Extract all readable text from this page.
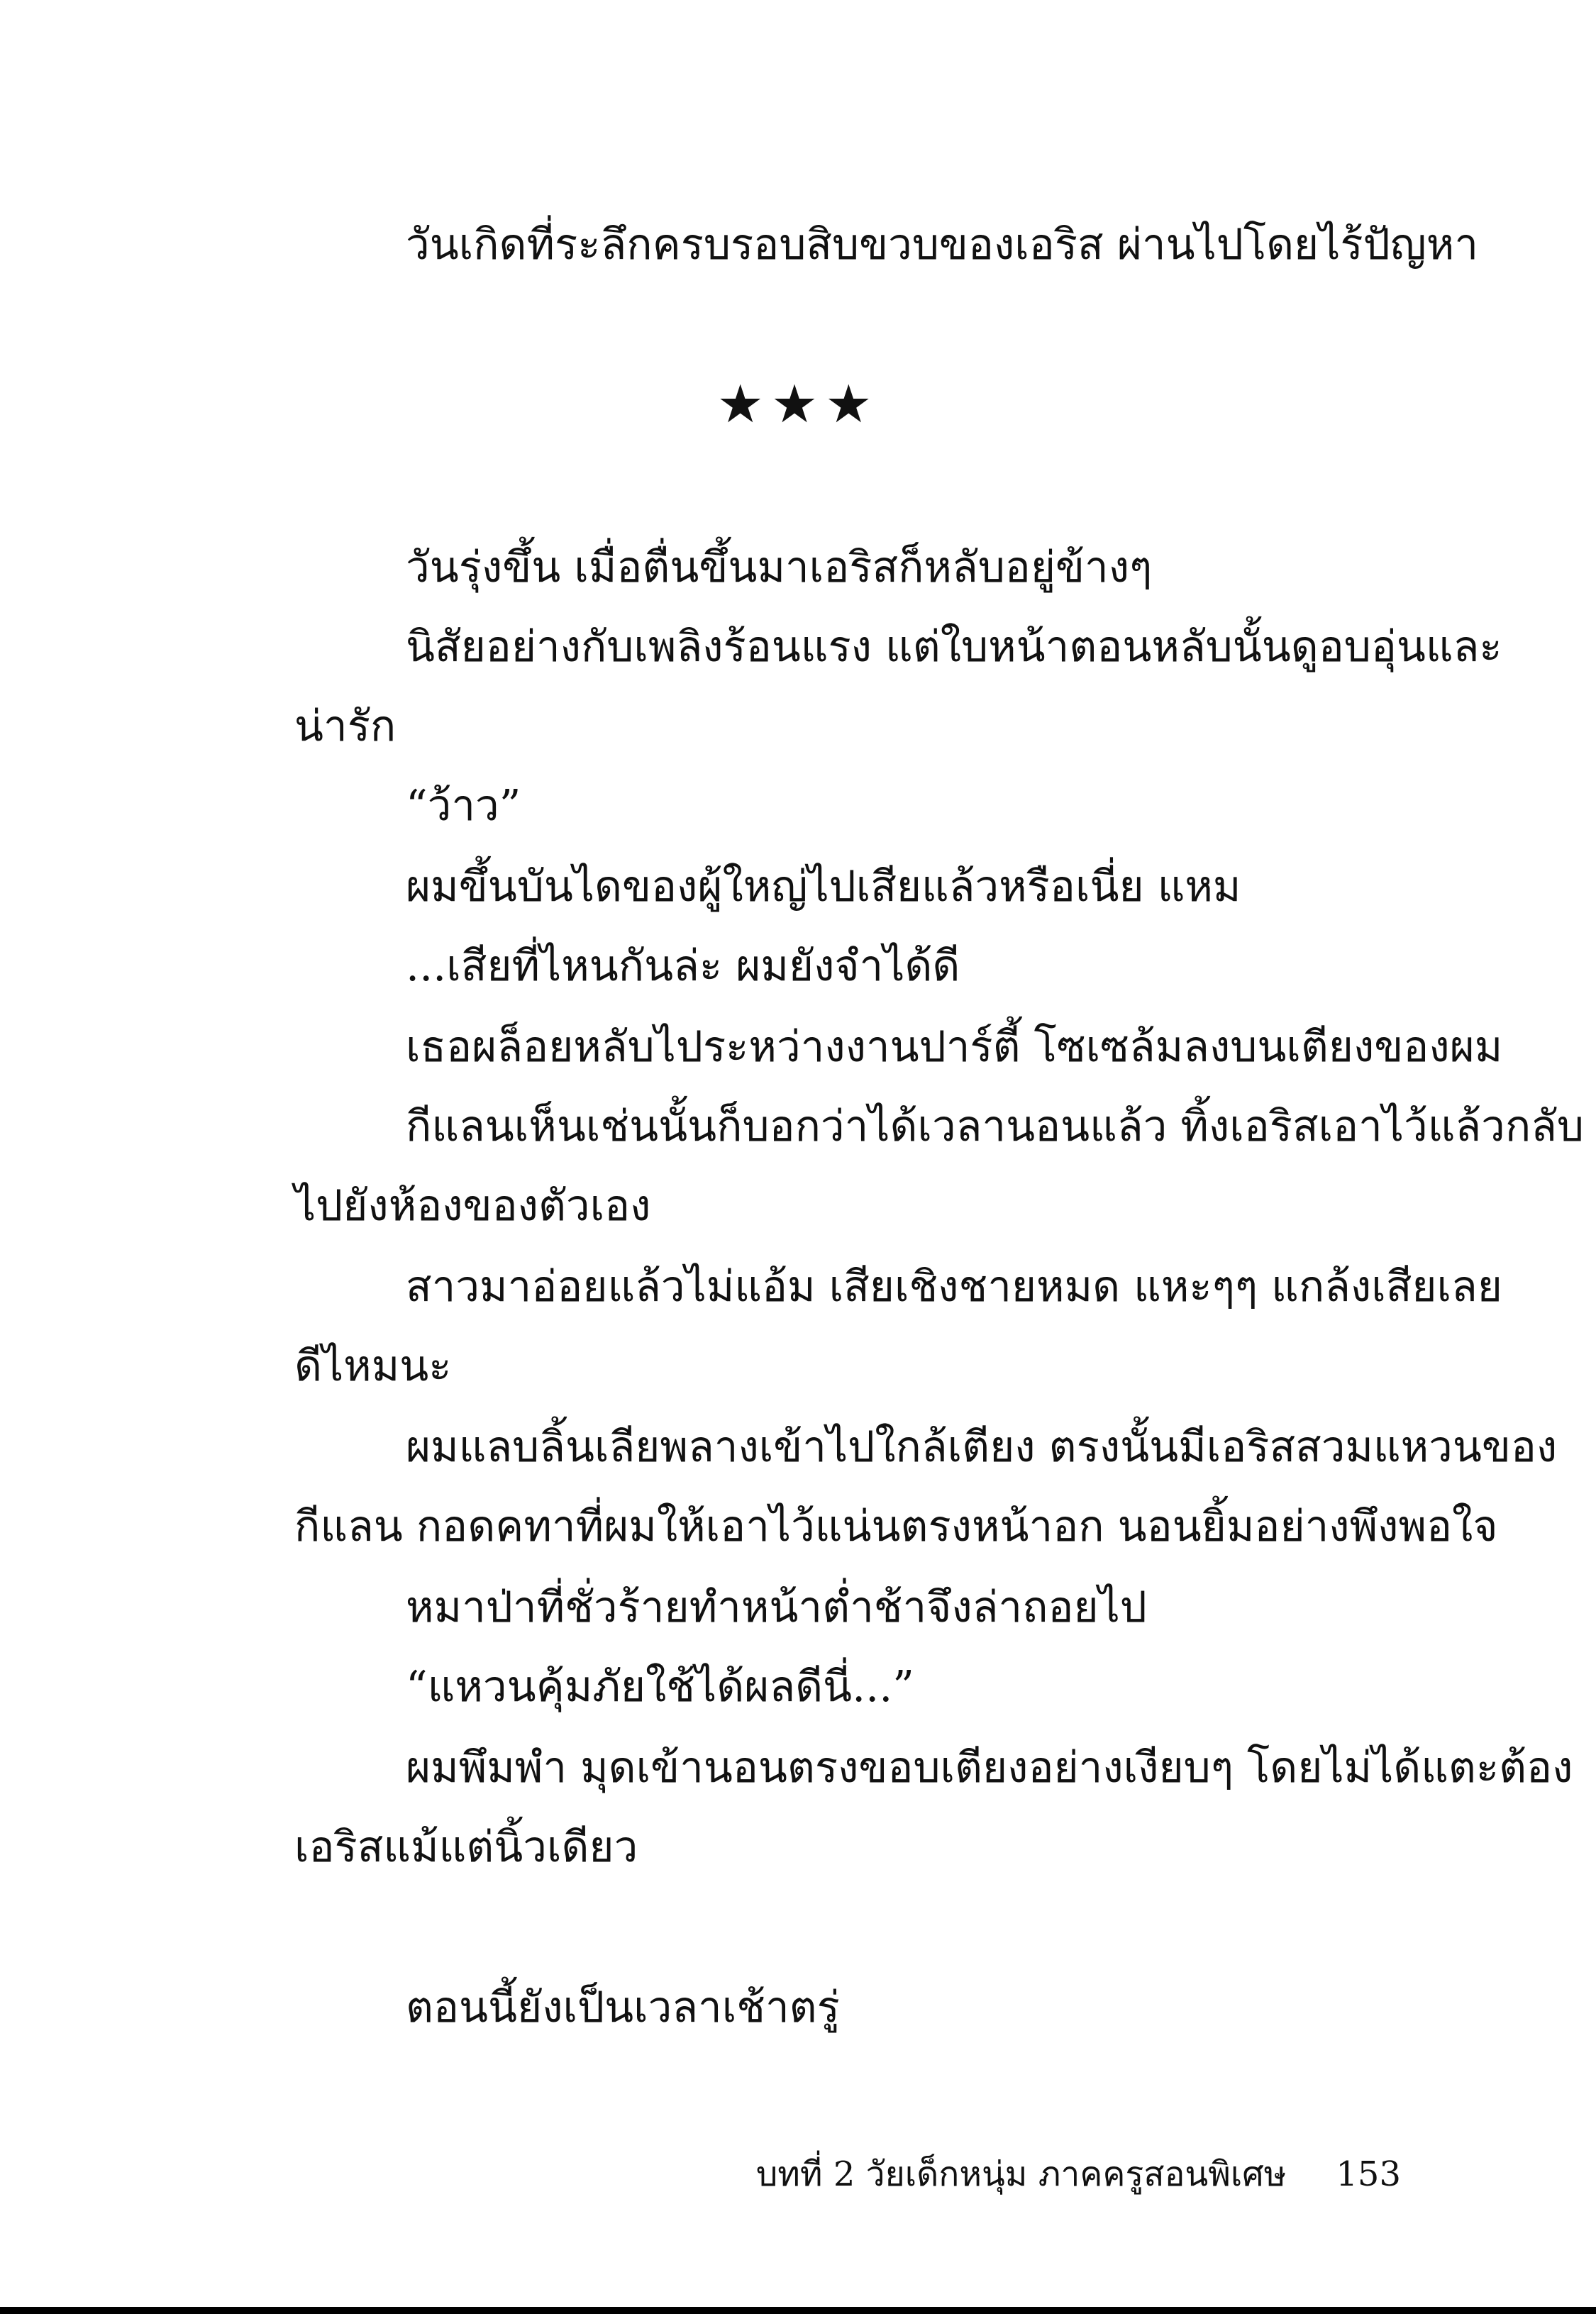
วันเกิดที่ระลึกครบรอบสิบขวบของเอริส ผ่านไปโดยไร้ปัญหา
★★★
วันรุ่งขึ้น เมื่อตื่นขึ้นมาเอริสก็หลับอยู่ข้างๆ
นิสัยอย่างกับเพลิงร้อนแรง แต่ใบหน้าตอนหลับนั้นดูอบอุ่นและ
น่ารัก
“ว้าว”
ผมขึ้นบันไดของผู้ใหญ่ไปเสียแล้วหรือเนี่ย แหม
...เสียที่ไหนกันล่ะ ผมยังจำได้ดี
เธอผล็อยหลับไประหว่างงานปาร์ตี้ โซเซล้มลงบนเตียงของผม
กีแลนเห็นเช่นนั้นก็บอกว่าได้เวลานอนแล้ว ทิ้งเอริสเอาไว้แล้วกลับ
ไปยังห้องของตัวเอง
สาวมาอ่อยแล้วไม่แอ้ม เสียเชิงชายหมด แหะๆๆ แกล้งเสียเลย
ดีไหมนะ
ผมแลบลิ้นเลียพลางเข้าไปใกล้เตียง ตรงนั้นมีเอริสสวมแหวนของ
กีแลน กอดคทาที่ผมให้เอาไว้แน่นตรงหน้าอก นอนยิ้มอย่างพึงพอใจ
หมาป่าที่ชั่วร้ายทำหน้าต่ำช้าจึงล่าถอยไป
“แหวนคุ้มภัยใช้ได้ผลดีนี่...”
ผมพึมพำ มุดเข้านอนตรงขอบเตียงอย่างเงียบๆ โดยไม่ได้แตะต้อง
เอริสแม้แต่นิ้วเดียว
ตอนนี้ยังเป็นเวลาเช้าตรู่
บทที่ 2 วัยเด็กหนุ่ม ภาคครูสอนพิเศษ 153
